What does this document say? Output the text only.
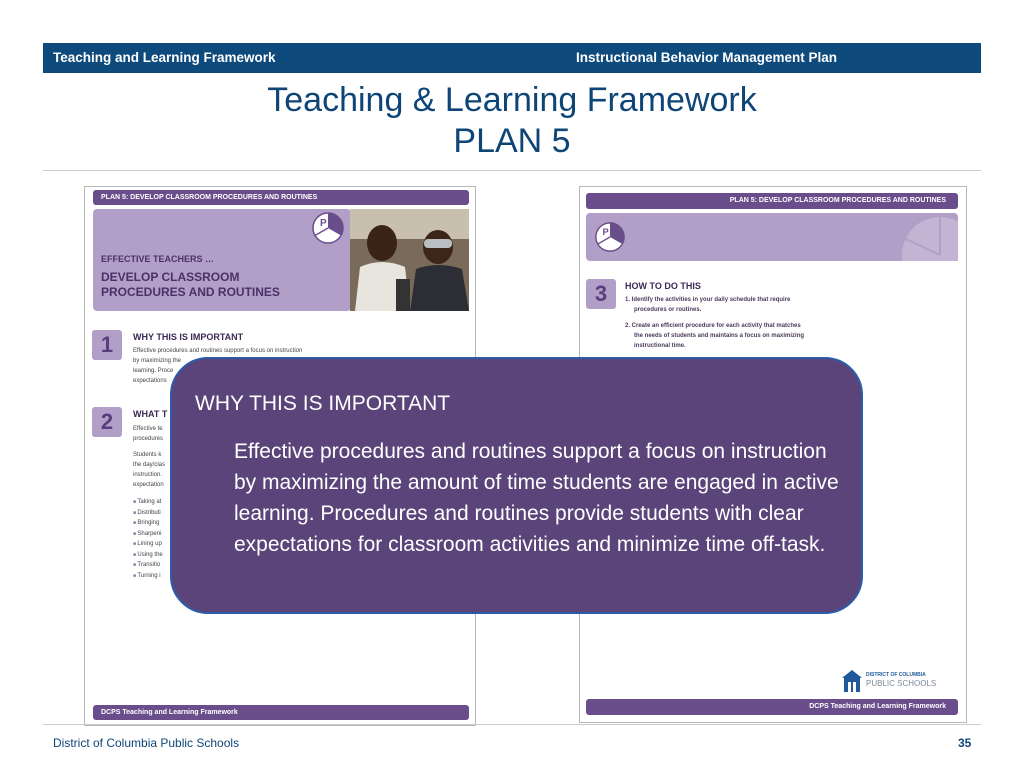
Teaching and Learning Framework	Instructional Behavior Management Plan
Teaching & Learning Framework
PLAN 5
PLAN 5: DEVELOP CLASSROOM PROCEDURES AND ROUTINES
P
EFFECTIVE TEACHERS …
DEVELOP CLASSROOM
PROCEDURES AND ROUTINES
1	WHY THIS IS IMPORTANT
Effective procedures and routines support a focus on instruction
by maximizing the
learning. Proce
expectations
2	WHAT T
Effective te
procedures
Students k
the day/clas
instruction.
expectation
■ Taking at
■ Distributi
■ Bringing
■ Sharpeni
■ Lining up
■ Using the
■ Transitio
■ Turning i
DCPS Teaching and Learning Framework
PLAN 5: DEVELOP CLASSROOM PROCEDURES AND ROUTINES
P
3	HOW TO DO THIS
1. Identify the activities in your daily schedule that require
procedures or routines.
2. Create an efficient procedure for each activity that matches
the needs of students and maintains a focus on maximizing
instructional time.
DISTRICT OF COLUMBIA
PUBLIC SCHOOLS
DCPS Teaching and Learning Framework
WHY THIS IS IMPORTANT
Effective procedures and routines support a focus on instruction by maximizing the amount of time students are engaged in active learning. Procedures and routines provide students with clear expectations for classroom activities and minimize time off-task.
District of Columbia Public Schools	35
